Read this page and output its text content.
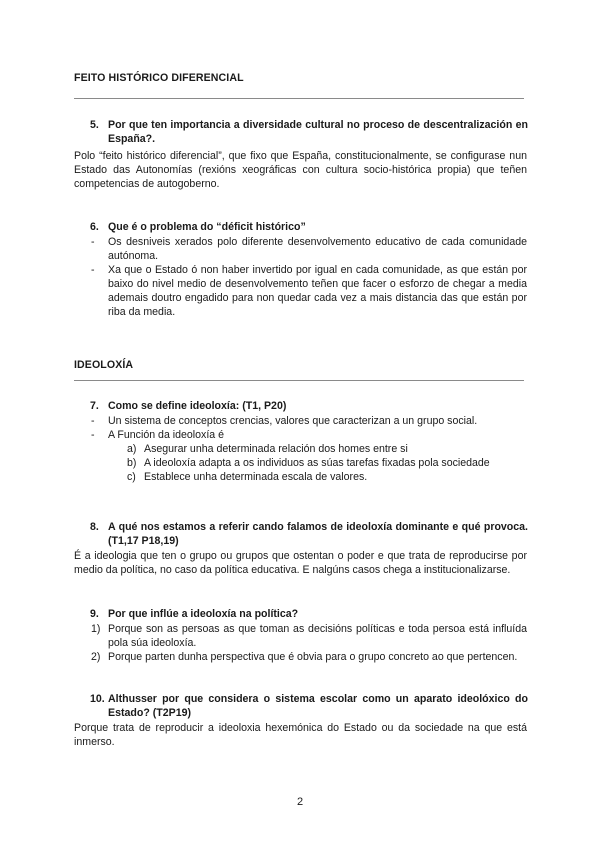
FEITO HISTÓRICO DIFERENCIAL
5. Por que ten importancia a diversidade cultural no proceso de descentralización en España?.
Polo “feito histórico diferencial”, que fixo que España, constitucionalmente, se configurase nun Estado das Autonomías (rexións xeográficas con cultura socio-histórica propia) que teñen competencias de autogoberno.
6. Que é o problema do “déficit histórico”
- Os desniveis xerados polo diferente desenvolvemento educativo de cada comunidade autónoma.
- Xa que o Estado ó non haber invertido por igual en cada comunidade, as que están por baixo do nivel medio de desenvolvemento teñen que facer o esforzo de chegar a media ademais doutro engadido para non quedar cada vez a mais distancia das que están por riba da media.
IDEOLOXÍA
7. Como se define ideoloxía: (T1, P20)
- Un sistema de conceptos crencias, valores que caracterizan a un grupo social.
- A Función da ideoloxía é
a) Asegurar unha determinada relación dos homes entre si
b) A ideoloxía adapta a os individuos as súas tarefas fixadas pola sociedade
c) Establece unha determinada escala de valores.
8. A qué nos estamos a referir cando falamos de ideoloxía dominante e qué provoca. (T1,17 P18,19)
É a ideologia que ten o grupo ou grupos que ostentan o poder e que trata de reproducirse por medio da política, no caso da política educativa. E nalgúns casos chega a institucionalizarse.
9. Por que inflúe a ideoloxía na política?
1) Porque son as persoas as que toman as decisións políticas e toda persoa está influída pola súa ideoloxía.
2) Porque parten dunha perspectiva que é obvia para o grupo concreto ao que pertencen.
10. Althusser por que considera o sistema escolar como un aparato ideolóxico do Estado? (T2P19)
Porque trata de reproducir a ideoloxia hexemónica do Estado ou da sociedade na que está inmerso.
2
